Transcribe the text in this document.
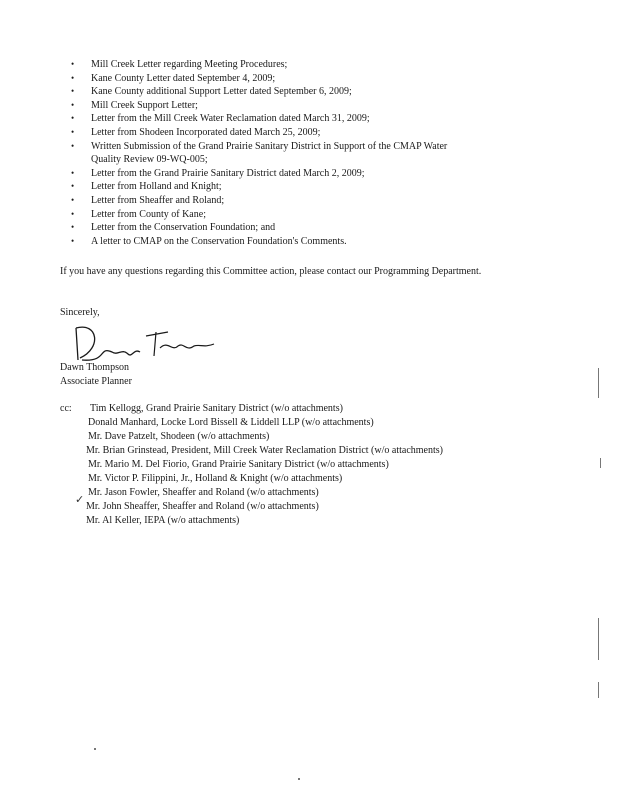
• Mill Creek Letter regarding Meeting Procedures;
• Kane County Letter dated September 4, 2009;
• Kane County additional Support Letter dated September 6, 2009;
• Mill Creek Support Letter;
• Letter from the Mill Creek Water Reclamation dated March 31, 2009;
• Letter from Shodeen Incorporated dated March 25, 2009;
• Written Submission of the Grand Prairie Sanitary District in Support of the CMAP Water
Quality Review 09-WQ-005;
• Letter from the Grand Prairie Sanitary District dated March 2, 2009;
• Letter from Holland and Knight;
• Letter from Sheaffer and Roland;
• Letter from County of Kane;
• Letter from the Conservation Foundation; and
• A letter to CMAP on the Conservation Foundation's Comments.
If you have any questions regarding this Committee action, please contact our Programming Department.
Sincerely,
Dawn Thompson
Associate Planner
cc: Tim Kellogg, Grand Prairie Sanitary District (w/o attachments)
Donald Manhard, Locke Lord Bissell & Liddell LLP (w/o attachments)
Mr. Dave Patzelt, Shodeen (w/o attachments)
Mr. Brian Grinstead, President, Mill Creek Water Reclamation District (w/o attachments)
Mr. Mario M. Del Fiorio, Grand Prairie Sanitary District (w/o attachments)
Mr. Victor P. Filippini, Jr., Holland & Knight (w/o attachments)
Mr. Jason Fowler, Sheaffer and Roland (w/o attachments)
✓
Mr. John Sheaffer, Sheaffer and Roland (w/o attachments)
Mr. Al Keller, IEPA (w/o attachments)
